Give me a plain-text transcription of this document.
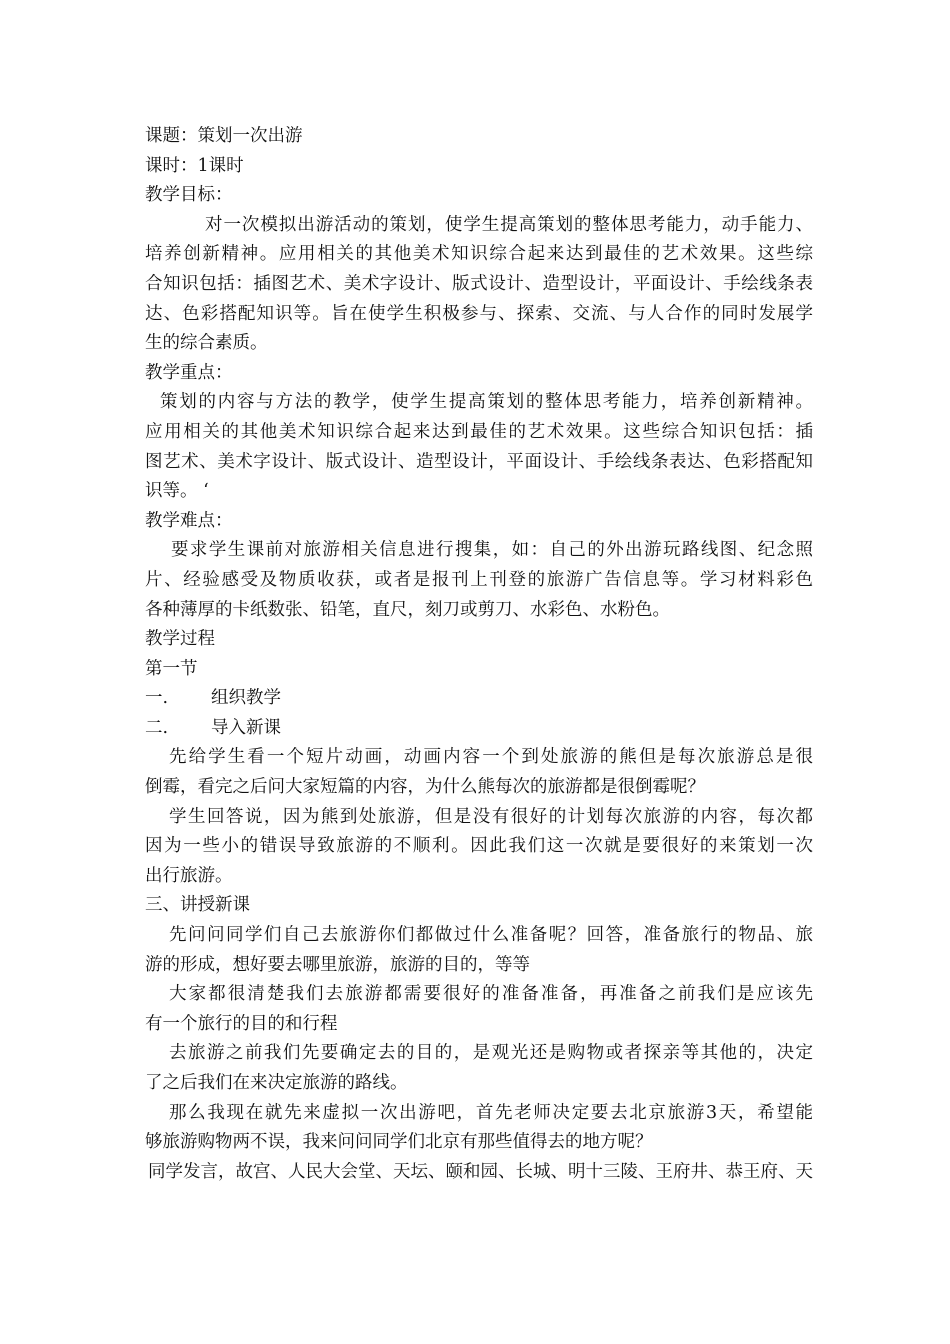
课题：策划一次出游
课时：1课时
教学目标：
对一次模拟出游活动的策划，使学生提高策划的整体思考能力，动手能力、
培养创新精神。应用相关的其他美术知识综合起来达到最佳的艺术效果。这些综
合知识包括：插图艺术、美术字设计、版式设计、造型设计，平面设计、手绘线条表
达、色彩搭配知识等。旨在使学生积极参与、探索、交流、与人合作的同时发展学
生的综合素质。
教学重点：
策划的内容与方法的教学，使学生提高策划的整体思考能力，培养创新精神。
应用相关的其他美术知识综合起来达到最佳的艺术效果。这些综合知识包括：插
图艺术、美术字设计、版式设计、造型设计，平面设计、手绘线条表达、色彩搭配知
识等。 ‘
教学难点：
要求学生课前对旅游相关信息进行搜集，如：自己的外出游玩路线图、纪念照
片、经验感受及物质收获，或者是报刊上刊登的旅游广告信息等。学习材料彩色
各种薄厚的卡纸数张、铅笔，直尺，刻刀或剪刀、水彩色、水粉色。
教学过程
第一节
一. 组织教学
二. 导入新课
先给学生看一个短片动画，动画内容一个到处旅游的熊但是每次旅游总是很
倒霉，看完之后问大家短篇的内容，为什么熊每次的旅游都是很倒霉呢？
学生回答说，因为熊到处旅游，但是没有很好的计划每次旅游的内容，每次都
因为一些小的错误导致旅游的不顺利。因此我们这一次就是要很好的来策划一次
出行旅游。
三、讲授新课
先问问同学们自己去旅游你们都做过什么准备呢？回答，准备旅行的物品、旅
游的形成，想好要去哪里旅游，旅游的目的，等等
大家都很清楚我们去旅游都需要很好的准备准备，再准备之前我们是应该先
有一个旅行的目的和行程
去旅游之前我们先要确定去的目的，是观光还是购物或者探亲等其他的，决定
了之后我们在来决定旅游的路线。
那么我现在就先来虚拟一次出游吧，首先老师决定要去北京旅游3天，希望能
够旅游购物两不误，我来问问同学们北京有那些值得去的地方呢？
同学发言，故宫、人民大会堂、天坛、颐和园、长城、明十三陵、王府井、恭王府、天
